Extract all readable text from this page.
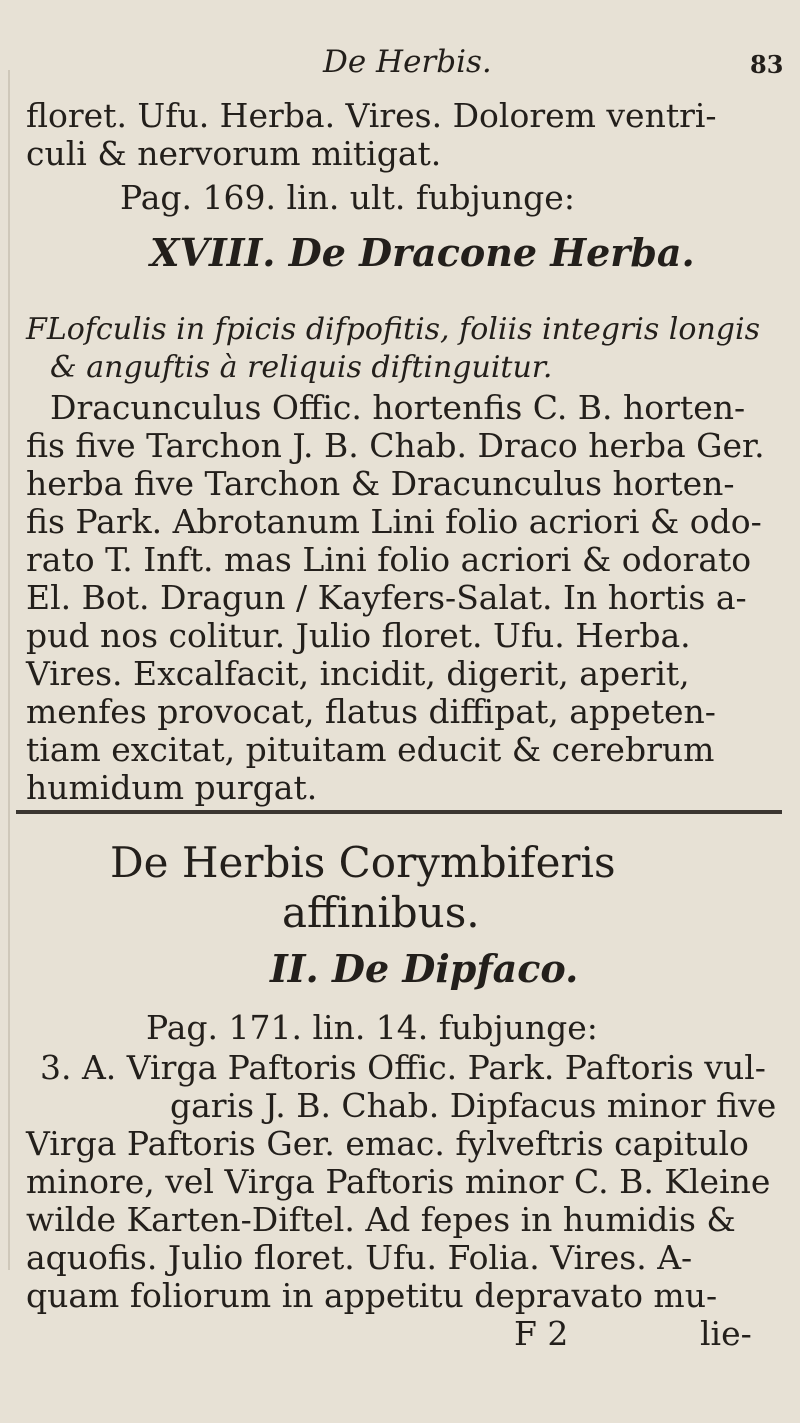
De Herbis.	83
floret. Ufu. Herba. Vires. Dolorem ventri-
culi & nervorum mitigat.
Pag. 169. lin. ult. fubjunge:
XVIII. De Dracone Herba.
FLofculis in fpicis difpofitis, foliis integris longis
& anguftis à reliquis diftinguitur.
Dracunculus Offic. hortenfis C. B. horten-
fis five Tarchon J. B. Chab. Draco herba Ger.
herba five Tarchon & Dracunculus horten-
fis Park. Abrotanum Lini folio acriori & odo-
rato T. Inft. mas Lini folio acriori & odorato
El. Bot. Dragun / Kayfers-Salat. In hortis a-
pud nos colitur. Julio floret. Ufu. Herba.
Vires. Excalfacit, incidit, digerit, aperit,
menfes provocat, flatus diffipat, appeten-
tiam excitat, pituitam educit & cerebrum
humidum purgat.
De Herbis Corymbiferis
affinibus.
II. De Dipfaco.
Pag. 171. lin. 14. fubjunge:
3. A. Virga Paftoris Offic. Park. Paftoris vul-
garis J. B. Chab. Dipfacus minor five
Virga Paftoris Ger. emac. fylveftris capitulo
minore, vel Virga Paftoris minor C. B. Kleine
wilde Karten-Diftel. Ad fepes in humidis &
aquofis. Julio floret. Ufu. Folia. Vires. A-
quam foliorum in appetitu depravato mu-
F 2	lie-
